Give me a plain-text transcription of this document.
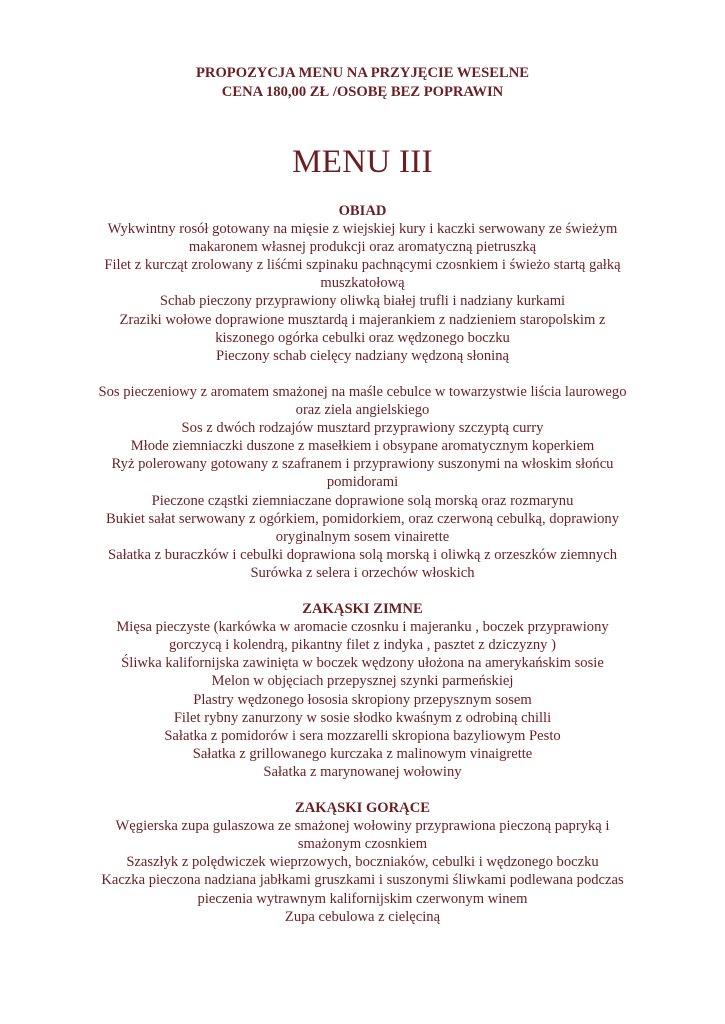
PROPOZYCJA MENU NA PRZYJĘCIE WESELNE
CENA 180,00 ZŁ /OSOBĘ BEZ POPRAWIN
MENU III
OBIAD
Wykwintny rosół gotowany na mięsie z wiejskiej kury i kaczki serwowany ze świeżym
makaronem własnej produkcji oraz aromatyczną pietruszką
Filet z kurcząt zrolowany z liśćmi szpinaku pachnącymi czosnkiem i świeżo startą gałką
muszkatołową
Schab pieczony przyprawiony oliwką białej trufli i nadziany kurkami
Zraziki wołowe doprawione musztardą i majerankiem z nadzieniem staropolskim z
kiszonego ogórka cebulki oraz wędzonego boczku
Pieczony schab cielęcy nadziany wędzoną słoniną
Sos pieczeniowy z aromatem smażonej na maśle cebulce w towarzystwie liścia laurowego
oraz ziela angielskiego
Sos z dwóch rodzajów musztard przyprawiony szczyptą curry
Młode ziemniaczki duszone z masełkiem i obsypane aromatycznym koperkiem
Ryż polerowany gotowany z szafranem i przyprawiony suszonymi na włoskim słońcu
pomidorami
Pieczone cząstki ziemniaczane doprawione solą morską oraz rozmarynu
Bukiet sałat serwowany z ogórkiem, pomidorkiem, oraz czerwoną cebulką, doprawiony
oryginalnym sosem vinairette
Sałatka z buraczków i cebulki doprawiona solą morską i oliwką z orzeszków ziemnych
Surówka z selera i orzechów włoskich
ZAKĄSKI ZIMNE
Mięsa pieczyste (karkówka w aromacie czosnku i majeranku , boczek przyprawiony
gorczycą i kolendrą, pikantny filet z indyka , pasztet z dziczyzny )
Śliwka kalifornijska zawinięta w boczek wędzony ułożona na amerykańskim sosie
Melon w objęciach przepysznej szynki parmeńskiej
Plastry wędzonego łososia skropiony przepysznym sosem
Filet rybny zanurzony w sosie słodko kwaśnym z odrobiną chilli
Sałatka z pomidorów i sera mozzarelli skropiona bazyliowym Pesto
Sałatka z grillowanego kurczaka z malinowym vinaigrette
Sałatka z marynowanej wołowiny
ZAKĄSKI GORĄCE
Węgierska zupa gulaszowa ze smażonej wołowiny przyprawiona pieczoną papryką i
smażonym czosnkiem
Szaszłyk z polędwiczek wieprzowych, boczniaków, cebulki i wędzonego boczku
Kaczka pieczona nadziana jabłkami gruszkami i suszonymi śliwkami podlewana podczas
pieczenia wytrawnym kalifornijskim czerwonym winem
Zupa cebulowa z cielęciną
